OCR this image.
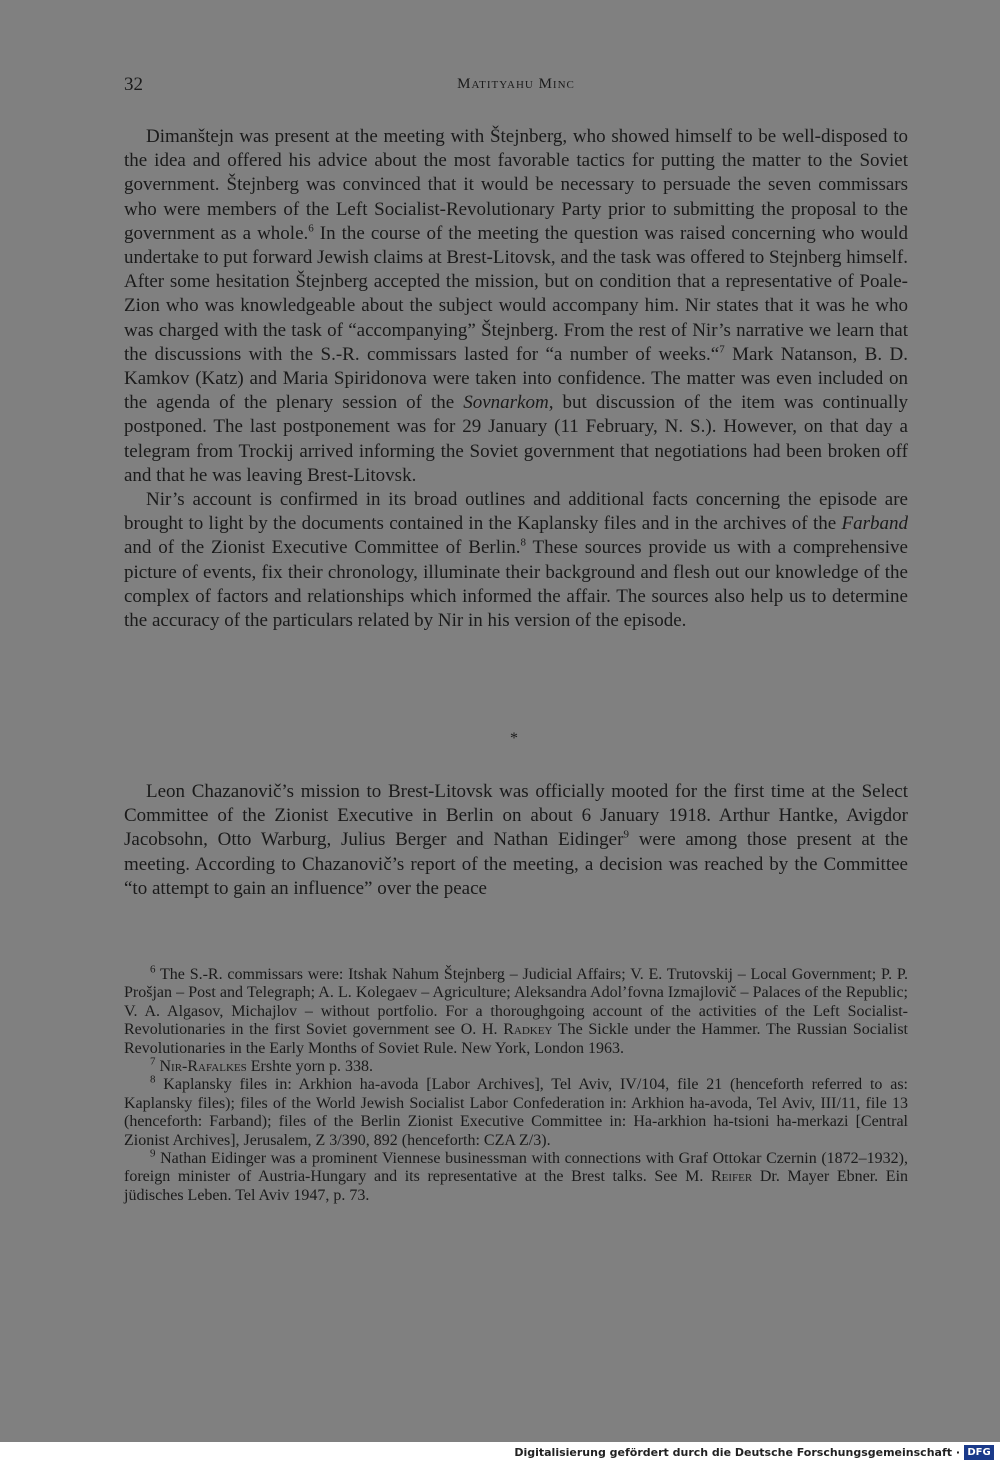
32	Matityahu Minc

Dimanštejn was present at the meeting with Štejnberg, who showed himself to be well-disposed to the idea and offered his advice about the most favorable tactics for putting the matter to the Soviet government. Štejnberg was convinced that it would be necessary to persuade the seven commissars who were members of the Left Socialist-Revolutionary Party prior to submitting the proposal to the government as a whole.$^6$ In the course of the meeting the question was raised concerning who would undertake to put forward Jewish claims at Brest-Litovsk, and the task was offered to Stejnberg himself. After some hesitation Štejnberg accepted the mission, but on condition that a representative of Poale-Zion who was knowledgeable about the subject would accompany him. Nir states that it was he who was charged with the task of “accompanying” Štejnberg. From the rest of Nir’s narrative we learn that the discussions with the S.-R. commissars lasted for “a number of weeks.“$^7$ Mark Natanson, B. D. Kamkov (Katz) and Maria Spiridonova were taken into confidence. The matter was even included on the agenda of the plenary session of the Sovnarkom, but discussion of the item was continually postponed. The last postponement was for 29 January (11 February, N. S.). However, on that day a telegram from Trockij arrived informing the Soviet government that negotiations had been broken off and that he was leaving Brest-Litovsk.

Nir’s account is confirmed in its broad outlines and additional facts concerning the episode are brought to light by the documents contained in the Kaplansky files and in the archives of the Farband and of the Zionist Executive Committee of Berlin.$^8$ These sources provide us with a comprehensive picture of events, fix their chronology, illuminate their background and flesh out our knowledge of the complex of factors and relationships which informed the affair. The sources also help us to determine the accuracy of the particulars related by Nir in his version of the episode.

*

Leon Chazanovič’s mission to Brest-Litovsk was officially mooted for the first time at the Select Committee of the Zionist Executive in Berlin on about 6 January 1918. Arthur Hantke, Avigdor Jacobsohn, Otto Warburg, Julius Berger and Nathan Eidinger$^9$ were among those present at the meeting. According to Chazanovič’s report of the meeting, a decision was reached by the Committee “to attempt to gain an influence” over the peace

$^6$ The S.-R. commissars were: Itshak Nahum Štejnberg – Judicial Affairs; V. E. Trutovskij – Local Government; P. P. Prošjan – Post and Telegraph; A. L. Kolegaev – Agriculture; Aleksandra Adol’fovna Izmajlovič – Palaces of the Republic; V. A. Algasov, Michajlov – without portfolio. For a thoroughgoing account of the activities of the Left Socialist-Revolutionaries in the first Soviet government see O. H. Radkey The Sickle under the Hammer. The Russian Socialist Revolutionaries in the Early Months of Soviet Rule. New York, London 1963.

$^7$ Nir-Rafalkes Ershte yorn p. 338.

$^8$ Kaplansky files in: Arkhion ha-avoda [Labor Archives], Tel Aviv, IV/104, file 21 (henceforth referred to as: Kaplansky files); files of the World Jewish Socialist Labor Confederation in: Arkhion ha-avoda, Tel Aviv, III/11, file 13 (henceforth: Farband); files of the Berlin Zionist Executive Committee in: Ha-arkhion ha-tsioni ha-merkazi [Central Zionist Archives], Jerusalem, Z 3/390, 892 (henceforth: CZA Z/3).

$^9$ Nathan Eidinger was a prominent Viennese businessman with connections with Graf Ottokar Czernin (1872–1932), foreign minister of Austria-Hungary and its representative at the Brest talks. See M. Reifer Dr. Mayer Ebner. Ein jüdisches Leben. Tel Aviv 1947, p. 73.

Digitalisierung gefördert durch die Deutsche Forschungsgemeinschaft · DFG
